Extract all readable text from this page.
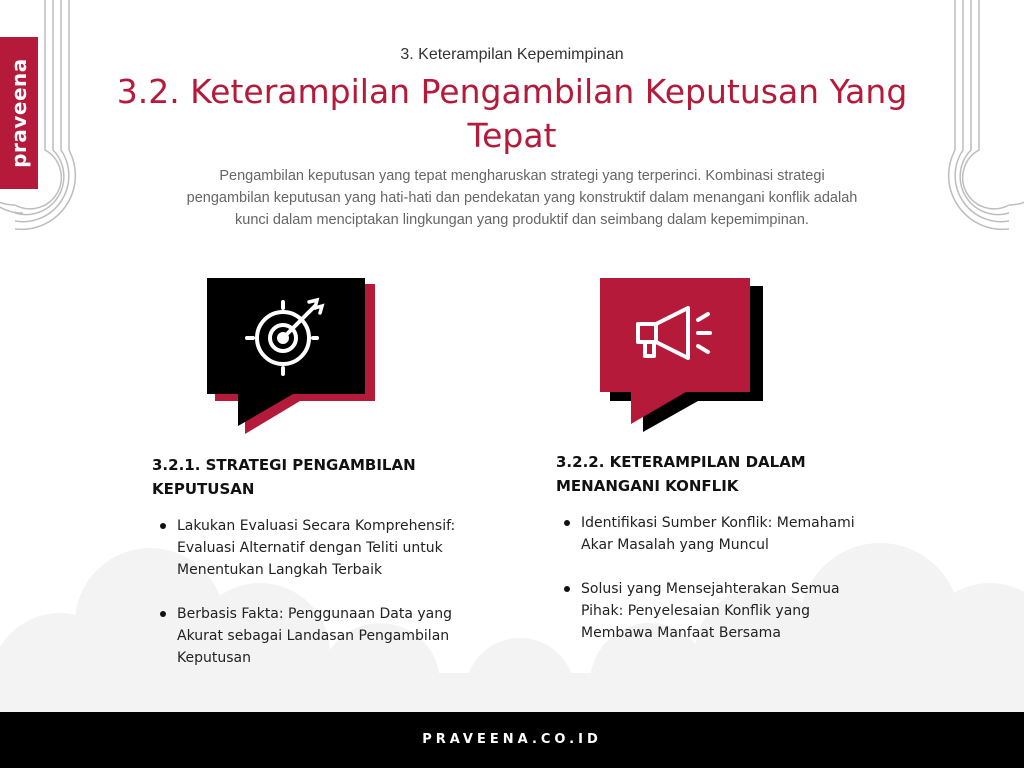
praveena
3. Keterampilan Kepemimpinan
3.2. Keterampilan Pengambilan Keputusan Yang Tepat

Pengambilan keputusan yang tepat mengharuskan strategi yang terperinci. Kombinasi strategi pengambilan keputusan yang hati-hati dan pendekatan yang konstruktif dalam menangani konflik adalah kunci dalam menciptakan lingkungan yang produktif dan seimbang dalam kepemimpinan.

3.2.1. STRATEGI PENGAMBILAN KEPUTUSAN
3.2.2. KETERAMPILAN DALAM MENANGANI KONFLIK
Lakukan Evaluasi Secara Komprehensif: Evaluasi Alternatif dengan Teliti untuk Menentukan Langkah Terbaik
Berbasis Fakta: Penggunaan Data yang Akurat sebagai Landasan Pengambilan Keputusan
Identifikasi Sumber Konflik: Memahami Akar Masalah yang Muncul
Solusi yang Mensejahterakan Semua Pihak: Penyelesaian Konflik yang Membawa Manfaat Bersama
PRAVEENA.CO.ID
